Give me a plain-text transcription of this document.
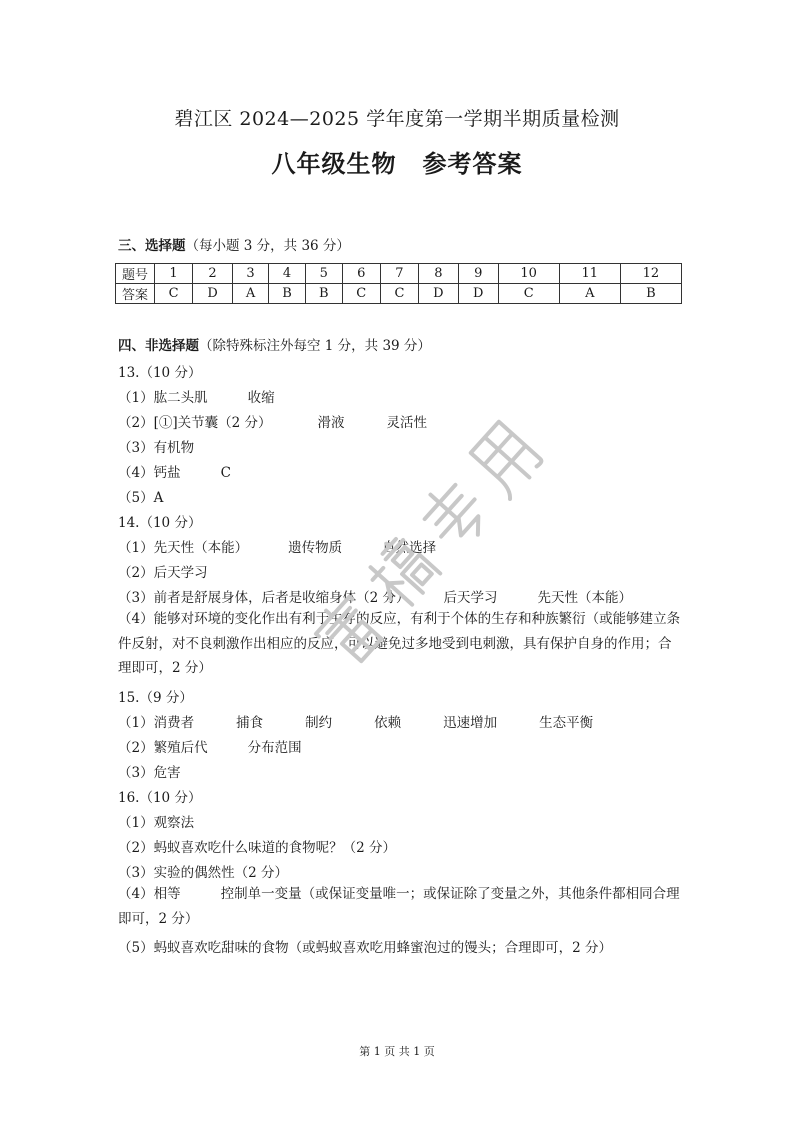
碧江区 2024—2025 学年度第一学期半期质量检测
八年级生物 参考答案
三、选择题（每小题 3 分，共 36 分）
题号	1	2	3	4	5	6	7	8	9	10	11	12
答案	C	D	A	B	B	C	C	D	D	C	A	B
四、非选择题（除特殊标注外每空 1 分，共 39 分）
13.（10 分）
（1）肱二头肌	收缩
（2）[①]关节囊（2 分）	滑液	灵活性
（3）有机物
（4）钙盐	C
（5）A
14.（10 分）
（1）先天性（本能）	遗传物质	自然选择
（2）后天学习
（3）前者是舒展身体，后者是收缩身体（2 分）	后天学习	先天性（本能）
（4）能够对环境的变化作出有利于生存的反应，有利于个体的生存和种族繁衍（或能够建立条件反射，对不良刺激作出相应的反应，可以避免过多地受到电刺激，具有保护自身的作用；合理即可，2 分）
15.（9 分）
（1）消费者	捕食	制约	依赖	迅速增加	生态平衡
（2）繁殖后代	分布范围
（3）危害
16.（10 分）
（1）观察法
（2）蚂蚁喜欢吃什么味道的食物呢？（2 分）
（3）实验的偶然性（2 分）
（4）相等	控制单一变量（或保证变量唯一；或保证除了变量之外，其他条件都相同合理即可，2 分）
（5）蚂蚁喜欢吃甜味的食物（或蚂蚁喜欢吃用蜂蜜泡过的馒头；合理即可，2 分）
第 1 页 共 1 页
